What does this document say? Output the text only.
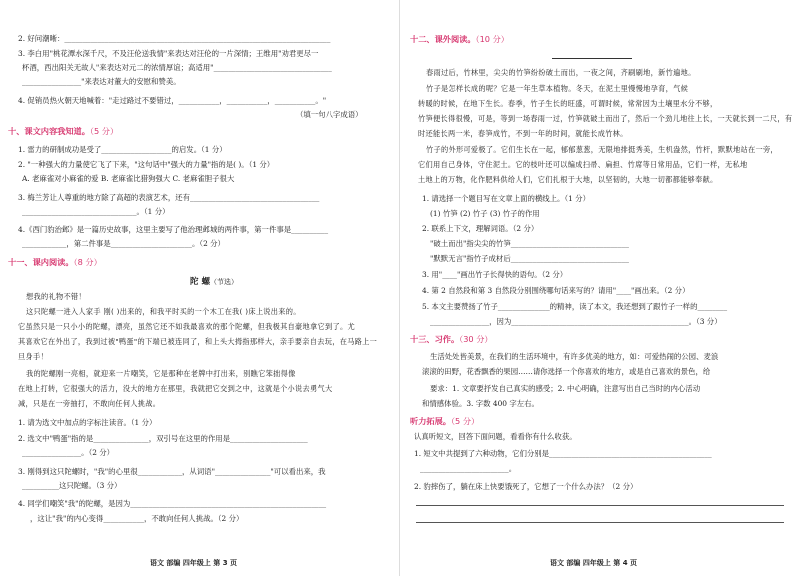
2. 好问潮晰：________________________________________________________________________
3. 李白用"桃花潭水深千尺，不及汪伦送我情"来表达对汪伦的一片深情；王维用"劝君更尽一
杯酒，西出阳关无故人"来表达对元二的浓情厚谊；高适用"________________________________
________________"来表达对董大的安慰和赞美。
4. 促销员热火朝天地喊着："走过路过不要错过，___________，___________，___________。"
（填一句八字成语）
十、课文内容我知道。（5 分）
1. 雷力的研制成功是受了___________________的启发。（1 分）
2. "一种强大的力量使它飞了下来，"这句话中"强大的力量"指的是( )。（1 分）
A. 老麻雀对小麻雀的爱 B. 老麻雀比猎狗强大 C. 老麻雀胆子很大
3. 梅兰芳让人尊重的地方除了高超的表演艺术，还有___________________________________
_______________________________。（1 分）
4.《西门豹治邺》是一篇历史故事，这里主要写了他治理邺城的两件事，第一件事是__________
____________，第二件事是______________________。（2 分）
十一、课内阅读。（8 分）
陀 螺（节选）
想我的礼物不错！
这只陀螺一进入人家手 刚( )出来的，和我平时买的一个木工在我( )床上说出来的。
它虽然只是一只小小的陀螺，漂亮，虽然它还不如我最喜欢的那个陀螺，但我极其自豪地拿它到了。尤
其喜欢它在外出了，我到过被"鸭蛋"的下端已被连同了，和上头大拇指那样大，亲手要亲自去玩，在马路上一
旦身手！
我的陀螺刚一亮相，就迎来一片嘲笑，它是那种在老牌中打出来，别瞧它笨拙得像
在地上打转，它很强大的活力，没大的地方在那里，我就把它交到之中，这就是个小说去勇气大
减，只是在一旁抽打，不敢向任何人挑战。
1. 请为选文中加点的字标注读音。（1 分）
2. 选文中"鸭蛋"指的是_______________，双引号在这里的作用是_____________________
________________。（2 分）
3. 刚得到这只陀螺时，"我"的心里很____________，从词语"_______________"可以看出来，我
__________这只陀螺。（3 分）
4. 同学们嘲笑"我"的陀螺，是因为_____________________________________________________
，这让"我"的内心变得___________，不敢向任何人挑战。（2 分）
语文 部编 四年级上 第 3 页
十二、课外阅读。（10 分）
春雨过后，竹林里，尖尖的竹笋纷纷破土而出，一夜之间，齐刷刷地，新竹遍地。
竹子是怎样长成的呢？它是一年生草本植物。冬天，在泥土里慢慢地孕育，气候
转暖的时候，在地下生长。春季，竹子生长的旺盛，可谓时候，常常因为土壤里水分不够，
竹笋便长得很慢，可是，等到一场春雨一过，竹笋就破土而出了，然后一个劲儿地往上长，一天就长到一二尺，有
时还能长两一米，春笋成竹，不到一年的时间，就能长成竹林。
竹子的外形可爱极了。它们生长在一起，郁郁葱葱，无限地排挺秀美，生机盎然，竹杆，默默地站在一旁，
它们用自己身体，守住泥土。它的枝叶还可以编成扫帚、扁担、竹席等日常用品，它们一样，无私地
土地上的万物，化作肥料供给人们，它们扎根于大地，以坚韧的，大地一切都都能够奉献。
1. 请选择一个题目写在文章上面的横线上。（1 分）
(1) 竹笋 (2) 竹子 (3) 竹子的作用
2. 联系上下文，理解词语。（2 分）
"破土而出"指尖尖的竹笋________________________________
"默默无言"指竹子成材后________________________________
3. 用"____"画出竹子长得快的语句。（2 分）
4. 第 2 自然段和第 3 自然段分别围绕哪句话来写的？请用"____"画出来。（2 分）
5. 本文主要赞扬了竹子______________的精神，读了本文，我还想到了跟竹子一样的________
________________，因为________________________________________________。（3 分）
十三、习作。（30 分）
生活处处皆美景，在我们的生活环境中，有许多优美的地方，如：可爱热闹的公园、麦浪
滚滚的田野，花香飘香的果园……请你选择一个你喜欢的地方，或是自己喜欢的景色，给
要求：1. 文章要抒发自己真实的感受；2. 中心明确，注意写出自己当时的内心活动
和情感体验。3. 字数 400 字左右。
听力拓展。（5 分）
认真听短文，回答下面问题，看看你有什么收获。
1. 短文中共提到了六种动物，它们分别是____________________________________________
________________________。
2. 豹摔伤了，躺在床上快要饿死了，它想了一个什么办法？（2 分）
语文 部编 四年级上 第 4 页
